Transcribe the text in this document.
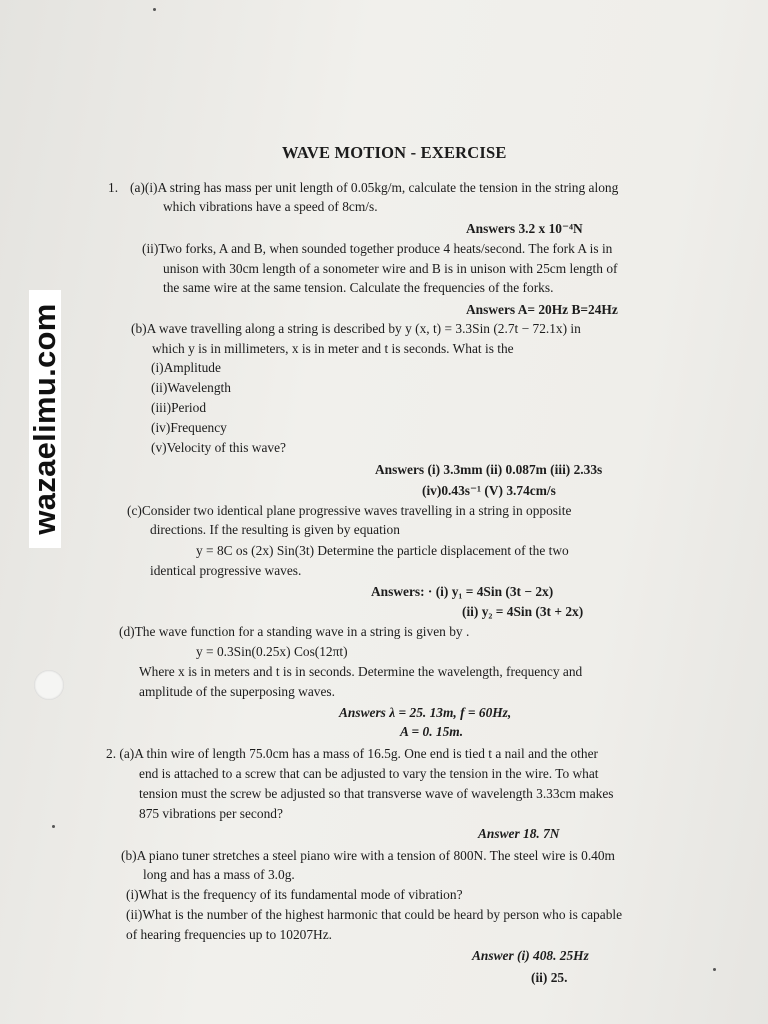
wazaelimu.com
WAVE MOTION - EXERCISE
1. (a)(i)A string has mass per unit length of 0.05kg/m, calculate the tension in the string along
which vibrations have a speed of 8cm/s.
Answers 3.2 x 10⁻⁴N
(ii)Two forks, A and B, when sounded together produce 4 heats/second. The fork A is in
unison with 30cm length of a sonometer wire and B is in unison with 25cm length of
the same wire at the same tension. Calculate the frequencies of the forks.
Answers A= 20Hz B=24Hz
(b)A wave travelling along a string is described by y (x, t) = 3.3Sin (2.7t − 72.1x) in
which y is in millimeters, x is in meter and t is seconds. What is the
(i)Amplitude
(ii)Wavelength
(iii)Period
(iv)Frequency
(v)Velocity of this wave?
Answers (i) 3.3mm (ii) 0.087m (iii) 2.33s
(iv)0.43s⁻¹ (V) 3.74cm/s
(c)Consider two identical plane progressive waves travelling in a string in opposite
directions. If the resulting is given by equation
y = 8C os (2x) Sin(3t) Determine the particle displacement of the two
identical progressive waves.
Answers: · (i) y₁ = 4Sin (3t − 2x)
(ii) y₂ = 4Sin (3t + 2x)
(d)The wave function for a standing wave in a string is given by .
y = 0.3Sin(0.25x) Cos(12πt)
Where x is in meters and t is in seconds. Determine the wavelength, frequency and
amplitude of the superposing waves.
Answers λ = 25. 13m, f = 60Hz,
A = 0. 15m.
2. (a)A thin wire of length 75.0cm has a mass of 16.5g. One end is tied t a nail and the other
end is attached to a screw that can be adjusted to vary the tension in the wire. To what
tension must the screw be adjusted so that transverse wave of wavelength 3.33cm makes
875 vibrations per second?
Answer 18. 7N
(b)A piano tuner stretches a steel piano wire with a tension of 800N. The steel wire is 0.40m
long and has a mass of 3.0g.
(i)What is the frequency of its fundamental mode of vibration?
(ii)What is the number of the highest harmonic that could be heard by person who is capable
of hearing frequencies up to 10207Hz.
Answer (i) 408. 25Hz
(ii) 25.
